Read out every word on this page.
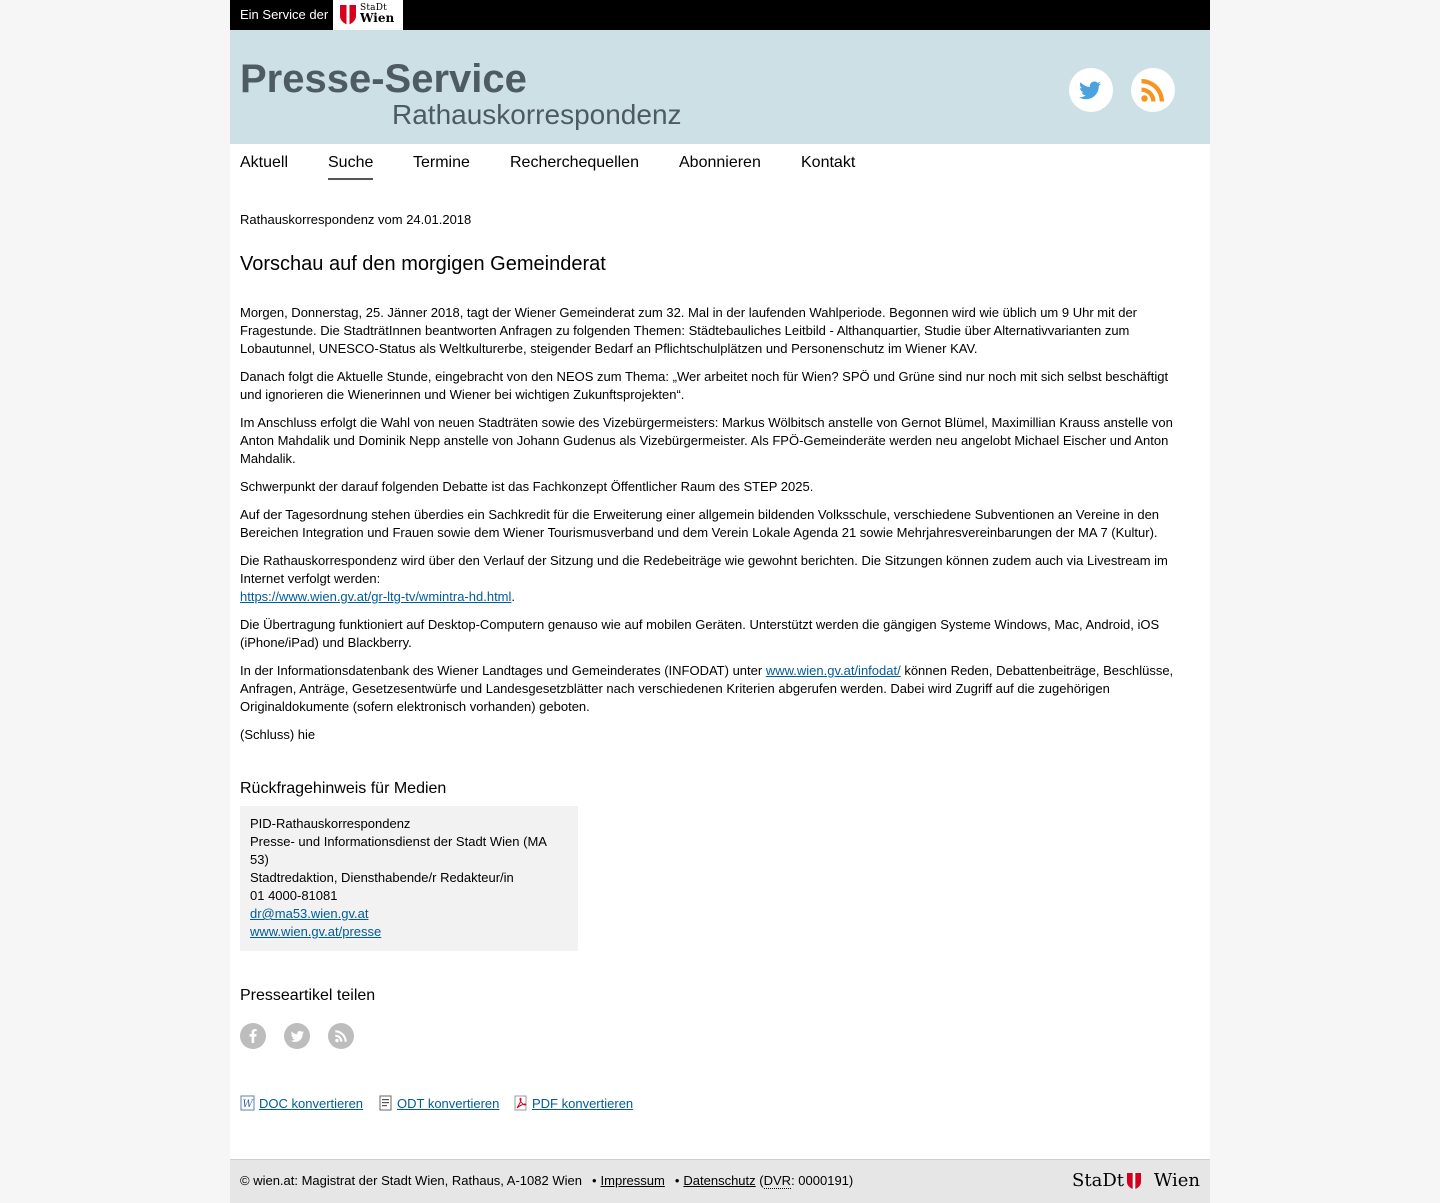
Ein Service der	StaDt
Wien
Presse-Service
Rathauskorrespondenz
Aktuell Suche Termine	Recherchequellen	Abonnieren	Kontakt
Rathauskorrespondenz vom 24.01.2018
Vorschau auf den morgigen Gemeinderat

Morgen, Donnerstag, 25. Jänner 2018, tagt der Wiener Gemeinderat zum 32. Mal in der laufenden Wahlperiode. Begonnen wird wie üblich um 9 Uhr mit der Fragestunde. Die StadträtInnen beantworten Anfragen zu folgenden Themen: Städtebauliches Leitbild - Althanquartier, Studie über Alternativvarianten zum Lobautunnel, UNESCO-Status als Weltkulturerbe, steigender Bedarf an Pflichtschulplätzen und Personenschutz im Wiener KAV.

Danach folgt die Aktuelle Stunde, eingebracht von den NEOS zum Thema: „Wer arbeitet noch für Wien? SPÖ und Grüne sind nur noch mit sich selbst beschäftigt und ignorieren die Wienerinnen und Wiener bei wichtigen Zukunftsprojekten“.

Im Anschluss erfolgt die Wahl von neuen Stadträten sowie des Vizebürgermeisters: Markus Wölbitsch anstelle von Gernot Blümel, Maximillian Krauss anstelle von Anton Mahdalik und Dominik Nepp anstelle von Johann Gudenus als Vizebürgermeister. Als FPÖ-Gemeinderäte werden neu angelobt Michael Eischer und Anton Mahdalik.

Schwerpunkt der darauf folgenden Debatte ist das Fachkonzept Öffentlicher Raum des STEP 2025.

Auf der Tagesordnung stehen überdies ein Sachkredit für die Erweiterung einer allgemein bildenden Volksschule, verschiedene Subventionen an Vereine in den Bereichen Integration und Frauen sowie dem Wiener Tourismusverband und dem Verein Lokale Agenda 21 sowie Mehrjahresvereinbarungen der MA 7 (Kultur).

Die Rathauskorrespondenz wird über den Verlauf der Sitzung und die Redebeiträge wie gewohnt berichten. Die Sitzungen können zudem auch via Livestream im Internet verfolgt werden:
https://www.wien.gv.at/gr-ltg-tv/wmintra-hd.html.

Die Übertragung funktioniert auf Desktop-Computern genauso wie auf mobilen Geräten. Unterstützt werden die gängigen Systeme Windows, Mac, Android, iOS (iPhone/iPad) und Blackberry.

In der Informationsdatenbank des Wiener Landtages und Gemeinderates (INFODAT) unter www.wien.gv.at/infodat/ können Reden, Debattenbeiträge, Beschlüsse, Anfragen, Anträge, Gesetzesentwürfe und Landesgesetzblätter nach verschiedenen Kriterien abgerufen werden. Dabei wird Zugriff auf die zugehörigen Originaldokumente (sofern elektronisch vorhanden) geboten.

(Schluss) hie

Rückfragehinweis für Medien
PID-Rathauskorrespondenz
Presse- und Informationsdienst der Stadt Wien (MA 53)
Stadtredaktion, Diensthabende/r Redakteur/in
01 4000-81081
dr@ma53.wien.gv.at
www.wien.gv.at/presse
Presseartikel teilen
W DOC konvertieren	ODT konvertieren	PDF konvertieren
© wien.at: Magistrat der Stadt Wien, Rathaus, A-1082 Wien • Impressum • Datenschutz (DVR: 0000191)	StaDt Wien
